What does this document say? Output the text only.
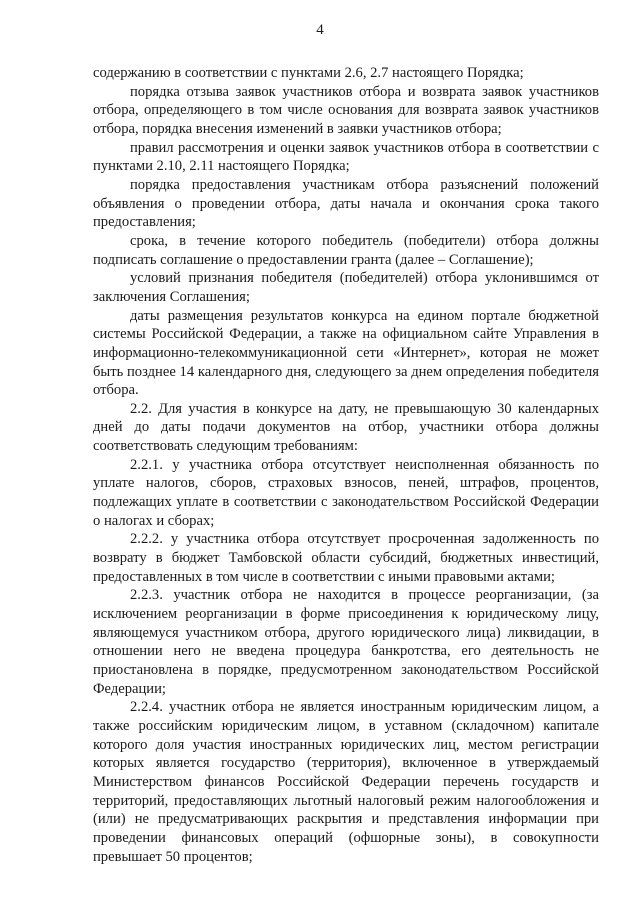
4

содержанию в соответствии с пунктами 2.6, 2.7 настоящего Порядка;

порядка отзыва заявок участников отбора и возврата заявок участников отбора, определяющего в том числе основания для возврата заявок участников отбора, порядка внесения изменений в заявки участников отбора;

правил рассмотрения и оценки заявок участников отбора в соответствии с пунктами 2.10, 2.11 настоящего Порядка;

порядка предоставления участникам отбора разъяснений положений объявления о проведении отбора, даты начала и окончания срока такого предоставления;

срока, в течение которого победитель (победители) отбора должны подписать соглашение о предоставлении гранта (далее – Соглашение);

условий признания победителя (победителей) отбора уклонившимся от заключения Соглашения;

даты размещения результатов конкурса на едином портале бюджетной системы Российской Федерации, а также на официальном сайте Управления в информационно-телекоммуникационной сети «Интернет», которая не может быть позднее 14 календарного дня, следующего за днем определения победителя отбора.

2.2. Для участия в конкурсе на дату, не превышающую 30 календарных дней до даты подачи документов на отбор, участники отбора должны соответствовать следующим требованиям:

2.2.1. у участника отбора отсутствует неисполненная обязанность по уплате налогов, сборов, страховых взносов, пеней, штрафов, процентов, подлежащих уплате в соответствии с законодательством Российской Федерации о налогах и сборах;

2.2.2. у участника отбора отсутствует просроченная задолженность по возврату в бюджет Тамбовской области субсидий, бюджетных инвестиций, предоставленных в том числе в соответствии с иными правовыми актами;

2.2.3. участник отбора не находится в процессе реорганизации, (за исключением реорганизации в форме присоединения к юридическому лицу, являющемуся участником отбора, другого юридического лица) ликвидации, в отношении него не введена процедура банкротства, его деятельность не приостановлена в порядке, предусмотренном законодательством Российской Федерации;

2.2.4. участник отбора не является иностранным юридическим лицом, а также российским юридическим лицом, в уставном (складочном) капитале которого доля участия иностранных юридических лиц, местом регистрации которых является государство (территория), включенное в утверждаемый Министерством финансов Российской Федерации перечень государств и территорий, предоставляющих льготный налоговый режим налогообложения и (или) не предусматривающих раскрытия и представления информации при проведении финансовых операций (офшорные зоны), в совокупности превышает 50 процентов;
